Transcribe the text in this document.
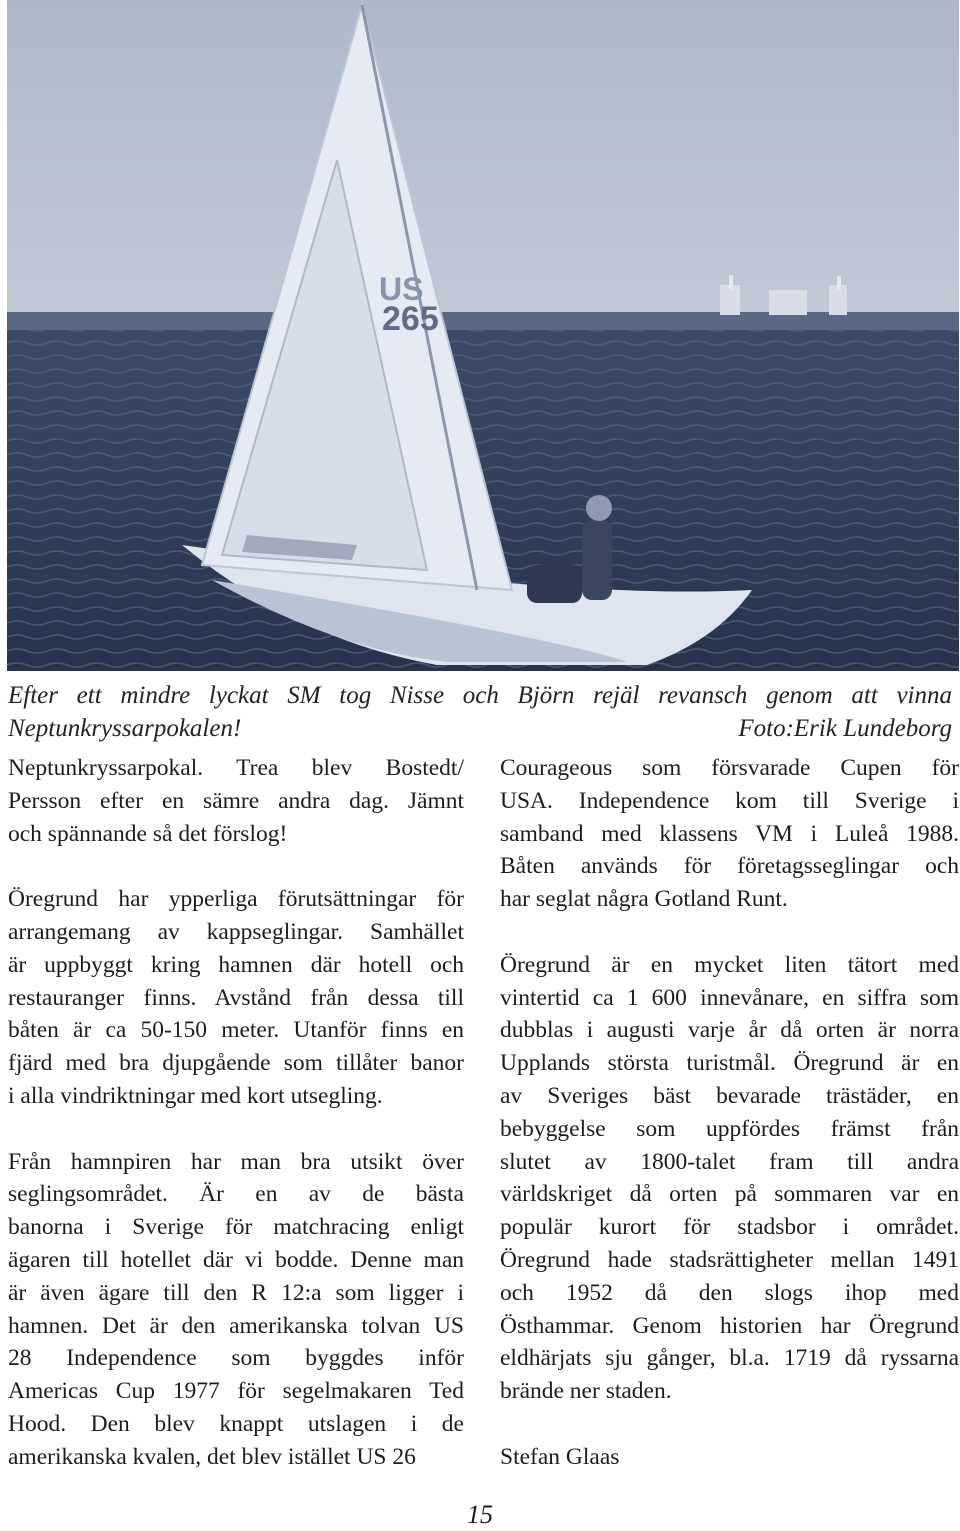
US
265
Efter ett mindre lyckat SM tog Nisse och Björn rejäl revansch genom att vinna
Neptunkryssarpokalen!	Foto:Erik Lundeborg

Neptunkryssarpokal. Trea blev Bostedt/

Persson efter en sämre andra dag. Jämnt

och spännande så det förslog!

Öregrund har ypperliga förutsättningar för

arrangemang av kappseglingar. Samhället

är uppbyggt kring hamnen där hotell och

restauranger finns. Avstånd från dessa till

båten är ca 50-150 meter. Utanför finns en

fjärd med bra djupgående som tillåter banor

i alla vindriktningar med kort utsegling.

Från hamnpiren har man bra utsikt över

seglingsområdet. Är en av de bästa

banorna i Sverige för matchracing enligt

ägaren till hotellet där vi bodde. Denne man

är även ägare till den R 12:a som ligger i

hamnen. Det är den amerikanska tolvan US

28 Independence som byggdes inför

Americas Cup 1977 för segelmakaren Ted

Hood. Den blev knappt utslagen i de

amerikanska kvalen, det blev istället US 26

Courageous som försvarade Cupen för

USA. Independence kom till Sverige i

samband med klassens VM i Luleå 1988.

Båten används för företagsseglingar och

har seglat några Gotland Runt.

Öregrund är en mycket liten tätort med

vintertid ca 1 600 innevånare, en siffra som

dubblas i augusti varje år då orten är norra

Upplands största turistmål. Öregrund är en

av Sveriges bäst bevarade trästäder, en

bebyggelse som uppfördes främst från

slutet av 1800-talet fram till andra

världskriget då orten på sommaren var en

populär kurort för stadsbor i området.

Öregrund hade stadsrättigheter mellan 1491

och 1952 då den slogs ihop med

Östhammar. Genom historien har Öregrund

eldhärjats sju gånger, bl.a. 1719 då ryssarna

brände ner staden.

Stefan Glaas

15
